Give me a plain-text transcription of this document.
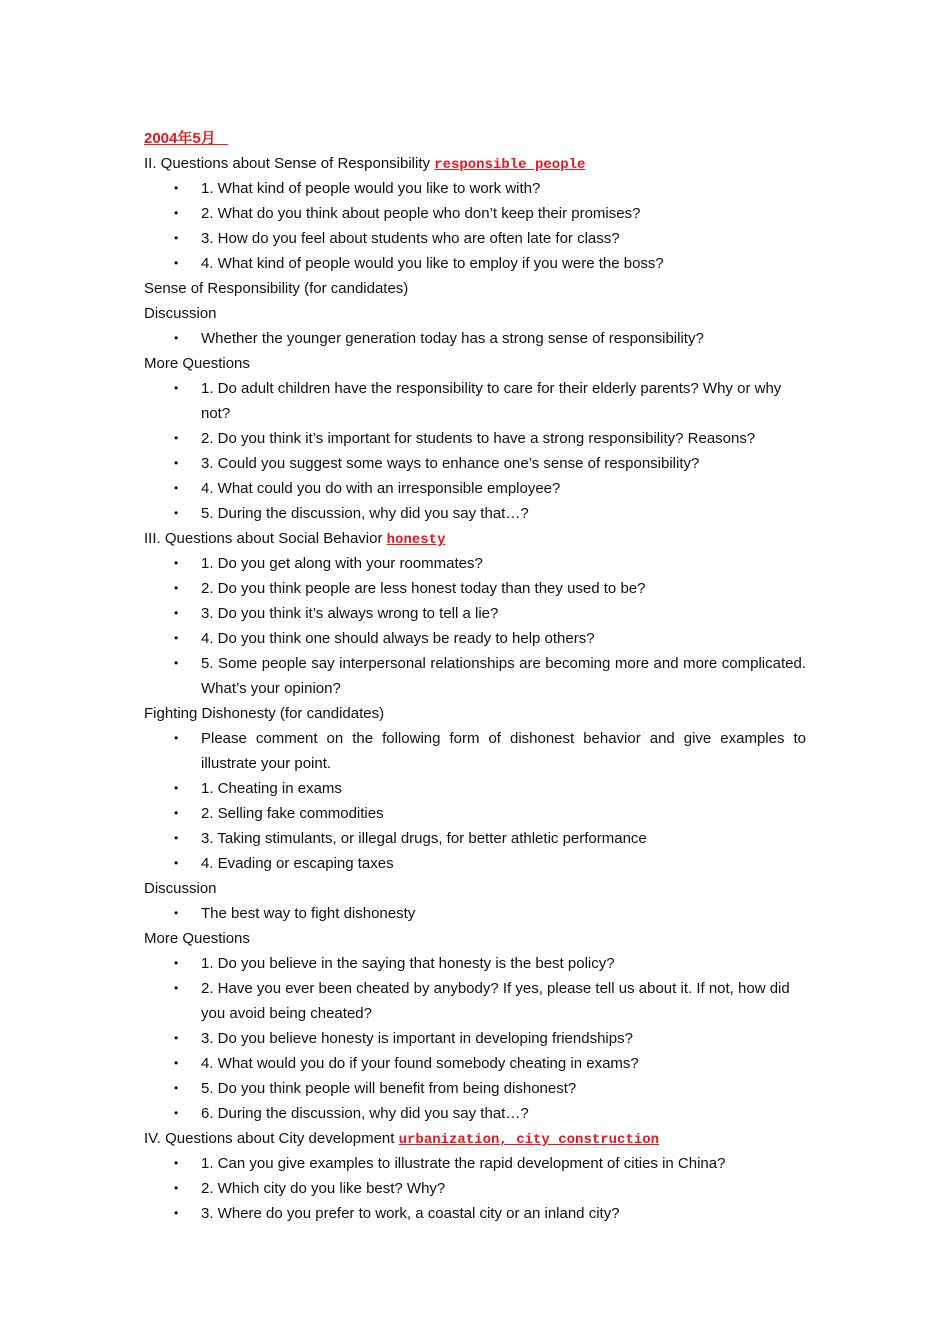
2004年5月
II. Questions about Sense of Responsibility responsible people
• 1. What kind of people would you like to work with?
• 2. What do you think about people who don’t keep their promises?
• 3. How do you feel about students who are often late for class?
• 4. What kind of people would you like to employ if you were the boss?
Sense of Responsibility (for candidates)
Discussion
• Whether the younger generation today has a strong sense of responsibility?
More Questions
• 1. Do adult children have the responsibility to care for their elderly parents? Why or why not?
• 2. Do you think it’s important for students to have a strong responsibility? Reasons?
• 3. Could you suggest some ways to enhance one’s sense of responsibility?
• 4. What could you do with an irresponsible employee?
• 5. During the discussion, why did you say that…?
III. Questions about Social Behavior honesty
• 1. Do you get along with your roommates?
• 2. Do you think people are less honest today than they used to be?
• 3. Do you think it’s always wrong to tell a lie?
• 4. Do you think one should always be ready to help others?
• 5. Some people say interpersonal relationships are becoming more and more complicated. What’s your opinion?
Fighting Dishonesty (for candidates)
• Please comment on the following form of dishonest behavior and give examples to illustrate your point.
• 1. Cheating in exams
• 2. Selling fake commodities
• 3. Taking stimulants, or illegal drugs, for better athletic performance
• 4. Evading or escaping taxes
Discussion
• The best way to fight dishonesty
More Questions
• 1. Do you believe in the saying that honesty is the best policy?
• 2. Have you ever been cheated by anybody? If yes, please tell us about it. If not, how did you avoid being cheated?
• 3. Do you believe honesty is important in developing friendships?
• 4. What would you do if your found somebody cheating in exams?
• 5. Do you think people will benefit from being dishonest?
• 6. During the discussion, why did you say that…?
IV. Questions about City development urbanization, city construction
• 1. Can you give examples to illustrate the rapid development of cities in China?
• 2. Which city do you like best? Why?
• 3. Where do you prefer to work, a coastal city or an inland city?
